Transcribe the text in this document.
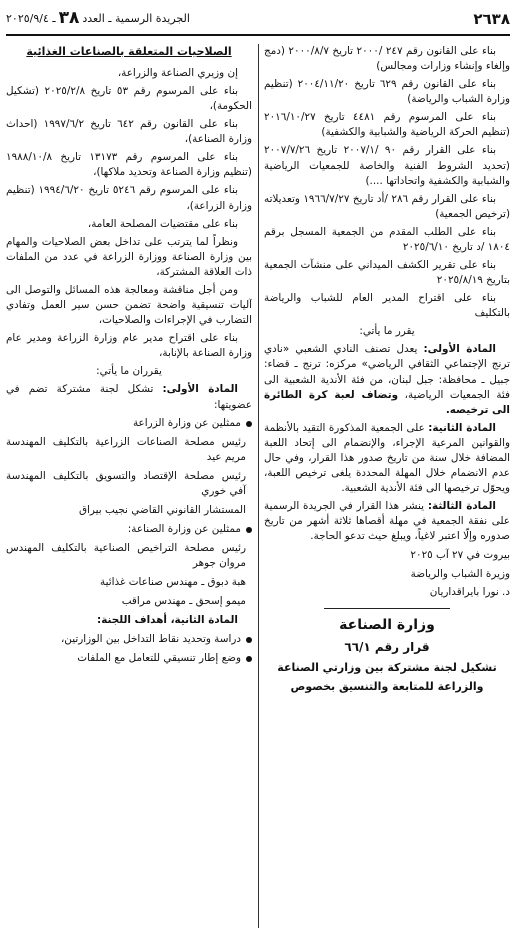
٢٦٣٨
الجريدة الرسمية ـ العدد
٣٨
ـ ٢٠٢٥/٩/٤

بناء على القانون رقم ٢٤٧ /٢٠٠٠ تاريخ ٢٠٠٠/٨/٧ (دمج وإلغاء وإنشاء وزارات ومجالس)

بناء على القانون رقم ٦٢٩ تاريخ ٢٠٠٤/١١/٢٠ (تنظيم وزارة الشباب والرياضة)

بناء على المرسوم رقم ٤٤٨١ تاريخ ٢٠١٦/١٠/٢٧ (تنظيم الحركة الرياضية والشبابية والكشفية)

بناء على القرار رقم ٩٠ /٢٠٠٧/١ تاريخ ٢٠٠٧/٧/٢٦ (تحديد الشروط الفنية والخاصة للجمعيات الرياضية والشبابية والكشفية واتحاداتها ....)

بناء على القرار رقم ٢٨٦ /أد تاريخ ١٩٦٦/٧/٢٧ وتعديلاته (ترخيص الجمعية)

بناء على الطلب المقدم من الجمعية المسجل برقم ١٨٠٤ /د تاريخ ٢٠٢٥/٦/١٠

بناء على تقرير الكشف الميداني على منشآت الجمعية بتاريخ ٢٠٢٥/٨/١٩

بناء على اقتراح المدير العام للشباب والرياضة بالتكليف

يقرر ما يأتي:

المادة الأولى: يعدل تصنف النادي الشعبي «نادي ترنج الإجتماعي الثقافي الرياضي» مركزه: ترنج ـ قضاء: جبيل ـ محافظة: جبل لبنان، من فئة الأندية الشعبية الى فئة الجمعيات الرياضية، وتضاف لعبة كرة الطائرة الى ترخيصه.

المادة الثانية: على الجمعية المذكورة التقيد بالأنظمة والقوانين المرعية الإجراء، والإنضمام الى إتحاد اللعبة المضافة خلال سنة من تاريخ صدور هذا القرار، وفي حال عدم الانضمام خلال المهلة المحددة يلغى ترخيص اللعبة، ويحوّل ترخيصها الى فئة الأندية الشعبية.

المادة الثالثة: ينشر هذا القرار في الجريدة الرسمية على نفقة الجمعية في مهلة أقصاها ثلاثة أشهر من تاريخ صدوره وإلّا اعتبر لاغياً، ويبلغ حيث تدعو الحاجة.

بيروت في ٢٧ آب ٢٠٢٥

وزيرة الشباب والرياضة

د. نورا بايراقداريان

وزارة الصناعة

قرار رقم ٦٦/١

تشكيل لجنة مشتركة بين وزارتي الصناعة

والزراعة للمتابعة والتنسيق بخصوص

الصلاحيات المتعلقة بالصناعات الغذائية

إن وزيري الصناعة والزراعة،

بناء على المرسوم رقم ٥٣ تاريخ ٢٠٢٥/٢/٨ (تشكيل الحكومة)،

بناء على القانون رقم ٦٤٢ تاريخ ١٩٩٧/٦/٢ (احداث وزارة الصناعة)،

بناء على المرسوم رقم ١٣١٧٣ تاريخ ١٩٨٨/١٠/٨ (تنظيم وزارة الصناعة وتحديد ملاكها)،

بناء على المرسوم رقم ٥٢٤٦ تاريخ ١٩٩٤/٦/٢٠ (تنظيم وزارة الزراعة)،

بناء على مقتضيات المصلحة العامة،

ونظراً لما يترتب على تداخل بعض الصلاحيات والمهام بين وزارة الصناعة ووزارة الزراعة في عدد من الملفات ذات العلاقة المشتركة،

ومن أجل مناقشة ومعالجة هذه المسائل والتوصل الى آليات تنسيقية واضحة تضمن حسن سير العمل وتفادي التضارب في الإجراءات والصلاحيات،

بناء على اقتراح مدير عام وزارة الزراعة ومدير عام وزارة الصناعة بالإنابة،

يقرران ما يأتي:

المادة الأولى: تشكل لجنة مشتركة تضم في عضويتها:

ممثلين عن وزارة الزراعة

رئيس مصلحة الصناعات الزراعية بالتكليف المهندسة مريم عيد

رئيس مصلحة الإقتصاد والتسويق بالتكليف المهندسة آفي خوري

المستشار القانوني القاضي نجيب بيراق

ممثلين عن وزارة الصناعة:

رئيس مصلحة التراخيص الصناعية بالتكليف المهندس مروان جوهر

هبة دبوق ـ مهندس صناعات غذائية

ميمو إسحق ـ مهندس مراقب

المادة الثانية، أهداف اللجنة:

دراسة وتحديد نقاط التداخل بين الوزارتين،
وضع إطار تنسيقي للتعامل مع الملفات
